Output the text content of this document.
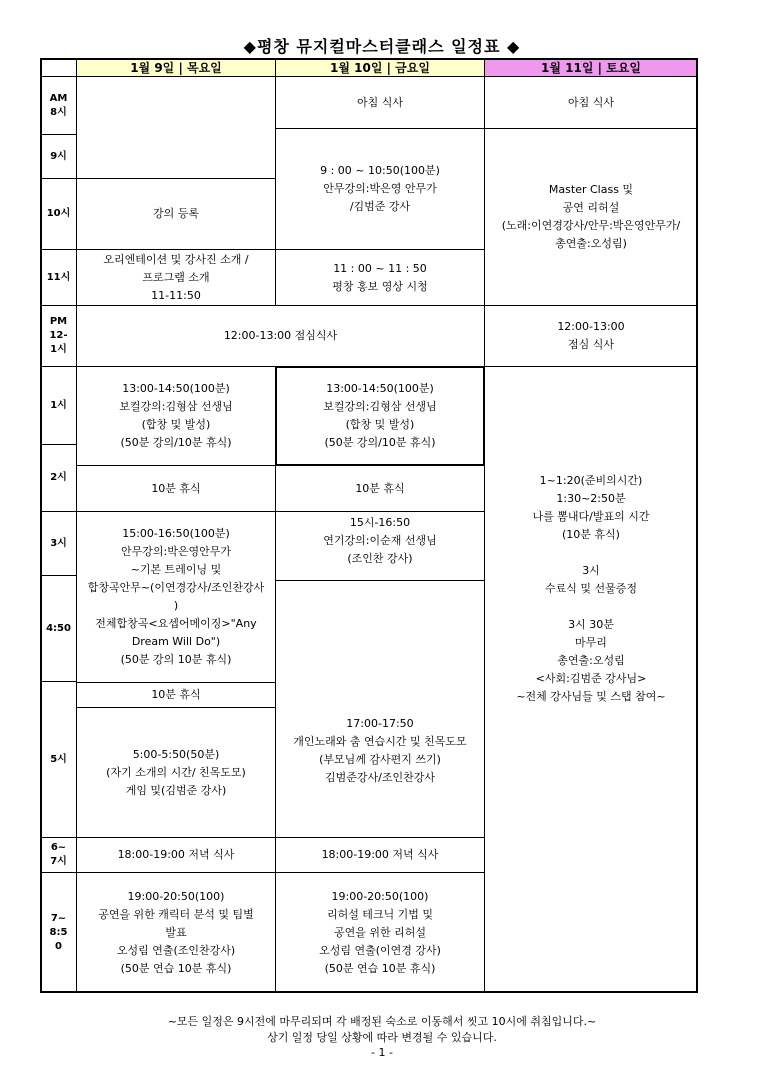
◆평창 뮤지컬마스터클래스 일정표 ◆
1월 9일 | 목요일	1월 10일 | 금요일	1월 11일 | 토요일
AM
8시
9시
10시
11시
PM
12-
1시
1시
2시
3시
4:50
5시
6~
7시
7~
8:5
0
강의 등록
오리엔테이션 및 강사진 소개 /
프로그램 소개
11-11:50
13:00-14:50(100분)
보컬강의:김형삼 선생님
(합창 및 발성)
(50분 강의/10분 휴식)
10분 휴식
15:00-16:50(100분)
안무강의:박은영안무가
~기본 트레이닝 및
합창곡안무~(이연경강사/조인찬강사
)
전체합창곡<요셉어메이징>"Any
Dream Will Do")
(50분 강의 10분 휴식)
10분 휴식
5:00-5:50(50분)
(자기 소개의 시간/ 친목도모)
게임 및(김범준 강사)
18:00-19:00 저녁 식사
19:00-20:50(100)
공연을 위한 캐릭터 분석 및 팀별
발표
오성림 연출(조인찬강사)
(50분 연습 10분 휴식)
아침 식사
9 : 00 ~ 10:50(100분)
안무강의:박은영 안무가
/김범준 강사
11 : 00 ~ 11 : 50
평창 홍보 영상 시청
13:00-14:50(100분)
보컬강의:김형삼 선생님
(합창 및 발성)
(50분 강의/10분 휴식)
10분 휴식
15시-16:50
연기강의:이순재 선생님
(조인찬 강사)
17:00-17:50
개인노래와 춤 연습시간 및 친목도모
(부모님께 감사편지 쓰기)
김범준강사/조인찬강사
18:00-19:00 저녁 식사
19:00-20:50(100)
리허설 테크닉 기법 및
공연을 위한 리허설
오성림 연출(이연경 강사)
(50분 연습 10분 휴식)
12:00-13:00 점심식사
아침 식사
Master Class 및
공연 리허설
(노래:이연경강사/안무:박은영안무가/
총연출:오성림)
12:00-13:00
점심 식사
1~1:20(준비의시간)
1:30~2:50분
나를 뽐내다/발표의 시간
(10분 휴식)

3시
수료식 및 선물증정

3시 30분
마무리
총연출:오성림
<사회:김범준 강사님>
~전체 강사님들 및 스탭 참여~
~모든 일정은 9시전에 마무리되며 각 배정된 숙소로 이동해서 씻고 10시에 취침입니다.~
상기 일정 당일 상황에 따라 변경될 수 있습니다.
- 1 -
